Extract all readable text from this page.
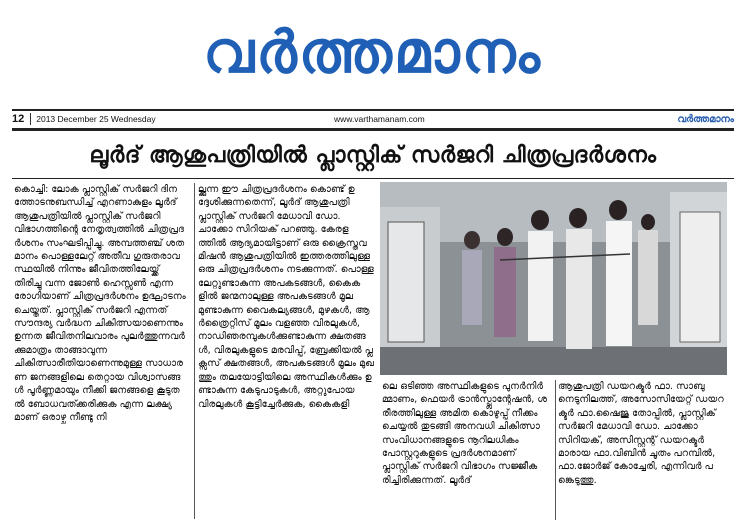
വർത്തമാനം
12 2013 December 25 Wednesday	www.varthamanam.com	വർത്തമാനം
ലൂർദ് ആശുപത്രിയിൽ പ്ലാസ്റ്റിക് സർജറി ചിത്രപ്രദർശനം

കൊച്ചി: ലോക പ്ലാസ്റ്റിക് സർജറി ദിനത്തോടനുബന്ധിച്ച് എറണാകുളം ലൂർദ് ആശുപത്രിയിൽ പ്ലാസ്റ്റിക് സർജറി വിഭാഗത്തിന്റെ നേതൃത്വത്തിൽ ചിത്രപ്രദർശനം സംഘടിപ്പിച്ചു. അമ്പത്തഞ്ച് ശതമാനം പൊള്ളലേറ്റ് അതീവ ഗുരുതരാവസ്ഥയിൽ നിന്നും ജീവിതത്തിലേയ്ക്ക് തിരിച്ചു വന്ന ജോൺ ഹെസ്സൺ എന്ന രോഗിയാണ് ചിത്രപ്രദർശനം ഉദ്ഘാടനം ചെയ്തത്. പ്ലാസ്റ്റിക് സർജറി എന്നത് സൗന്ദര്യ വർദ്ധന ചികിത്സയാണെന്നും ഉന്നത ജീവിതനിലവാരം പുലർത്തുന്നവർക്കുമാത്രം താങ്ങാവുന്ന ചികിത്സാരീതിയാണെന്നുമുള്ള സാധാരണ ജനങ്ങളിലെ തെറ്റായ വിശ്വാസങ്ങൾ പൂർണ്ണമായും നീക്കി ജനങ്ങളെ കൂടുതൽ ബോധവത്ക്കരിക്കുക എന്ന ലക്ഷ്യമാണ് ഒരാഴ്ച നീണ്ടു നി

ല്ക്കുന്ന ഈ ചിത്രപ്രദർശനം കൊണ്ട് ഉദ്ദേശിക്കുന്നതെന്ന്, ലൂർദ് ആശുപത്രി പ്ലാസ്റ്റിക് സർജറി മേധാവി ഡോ. ചാക്കോ സിറിയക് പറഞ്ഞു. കേരളത്തിൽ ആദ്യമായിട്ടാണ് ഒരു ക്രൈസ്തവ മിഷൻ ആശുപത്രിയിൽ ഇത്തരത്തിലുള്ള ഒരു ചിത്രപ്രദർശനം നടക്കുന്നത്. പൊള്ളലേറ്റുണ്ടാകുന്ന അപകടങ്ങൾ, കൈകളിൽ ജന്മനാലുള്ള അപകടങ്ങൾ മൂലമുണ്ടാകുന്ന വൈകല്യങ്ങൾ, മുഴകൾ, ആർത്രൈറ്റിസ് മൂലം വളഞ്ഞ വിരലുകൾ, നാഡിഞരമ്പുകൾക്കുണ്ടാകുന്ന ക്ഷതങ്ങൾ, വിരലുകളുടെ മരവിപ്പ്, ബ്രേക്കിയൽ പ്ലക്സസ് ക്ഷതങ്ങൾ, അപകടങ്ങൾ മൂലം മുഖത്തും തലയോട്ടിയിലെ അസ്ഥികൾക്കും ഉണ്ടാകുന്ന കേടുപാടുകൾ, അറ്റുപോയ വിരലുകൾ കൂട്ടിച്ചേർക്കുക, കൈകളി

ലെ ഒടിഞ്ഞ അസ്ഥികളുടെ പുനർനിർമ്മാണം, ഫെയർ ട്രാൻസ്പ്ലാന്റേഷൻ, ശരീരത്തിലുള്ള അമിത കൊഴുപ്പ് നീക്കം ചെയ്യൽ തുടങ്ങി അനവധി ചികിത്സാ സംവിധാനങ്ങളുടെ നൂറിലധികം പോസ്റ്ററുകളുടെ പ്രദർശനമാണ് പ്ലാസ്റ്റിക് സർജറി വിഭാഗം സജ്ജീകരിച്ചിരിക്കുന്നത്. ലൂർദ്

ആശുപത്രി ഡയറക്ടർ ഫാ. സാബു നെടുനിലത്ത്, അസോസിയേറ്റ് ഡയറക്ടർ ഫാ.ഷൈജു തോപ്പിൽ, പ്ലാസ്റ്റിക് സർജറി മേധാവി ഡോ. ചാക്കോ സിറിയക്, അസിസ്റ്റന്റ് ഡയറക്ടർമാരായ ഫാ.വിബിൻ ചൂതം പറമ്പിൽ, ഫാ.ജോർജ് കോച്ചേരി, എന്നിവർ പങ്കെടുത്തു.
